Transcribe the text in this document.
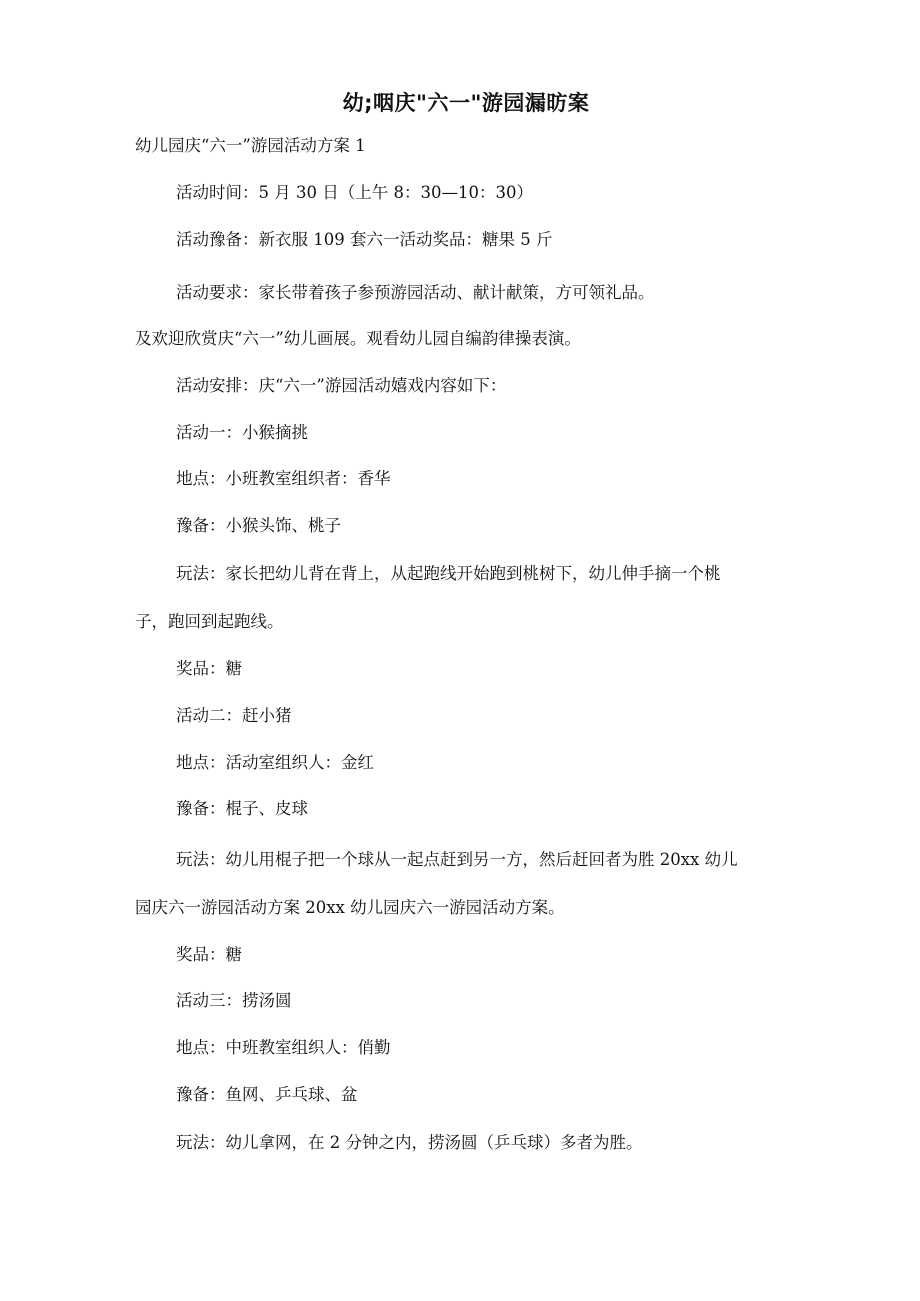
幼;咽庆"六一"游园漏昉案
幼儿园庆“六一”游园活动方案 1
活动时间：5 月 30 日（上午 8：30—10：30）
活动豫备：新衣服 109 套六一活动奖品：糖果 5 斤
活动要求：家长带着孩子参预游园活动、献计献策，方可领礼品。
及欢迎欣赏庆“六一”幼儿画展。观看幼儿园自编韵律操表演。
活动安排：庆“六一”游园活动嬉戏内容如下：
活动一：小猴摘挑
地点：小班教室组织者：香华
豫备：小猴头饰、桃子
玩法：家长把幼儿背在背上，从起跑线开始跑到桃树下，幼儿伸手摘一个桃
子，跑回到起跑线。
奖品：糖
活动二：赶小猪
地点：活动室组织人：金红
豫备：棍子、皮球
玩法：幼儿用棍子把一个球从一起点赶到另一方，然后赶回者为胜 20xx 幼儿
园庆六一游园活动方案 20xx 幼儿园庆六一游园活动方案。
奖品：糖
活动三：捞汤圆
地点：中班教室组织人：俏勤
豫备：鱼网、乒乓球、盆
玩法：幼儿拿网，在 2 分钟之内，捞汤圆（乒乓球）多者为胜。
